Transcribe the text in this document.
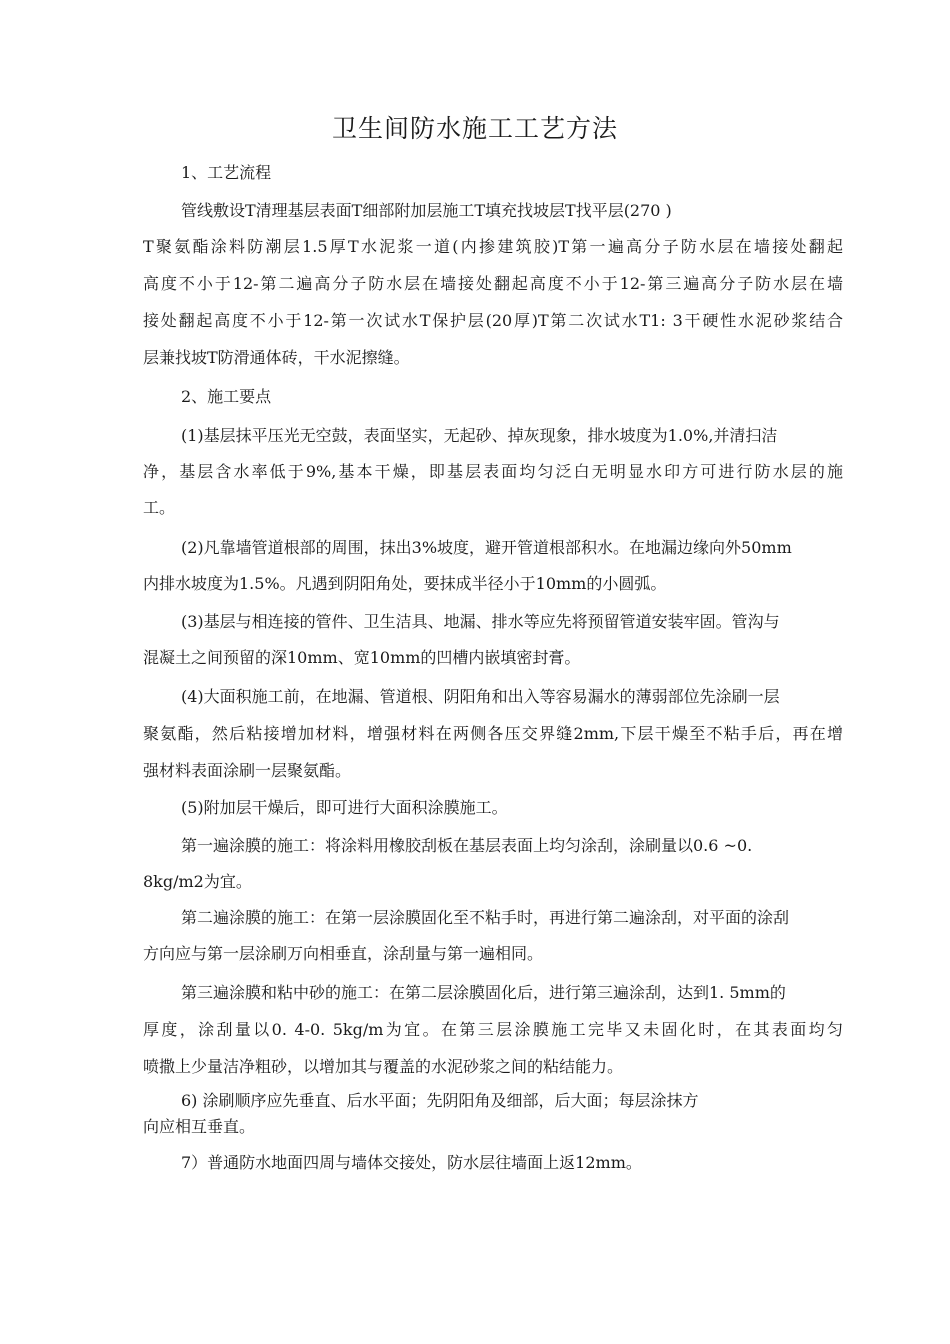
卫生间防水施工工艺方法
1、工艺流程
管线敷设T清理基层表面T细部附加层施工T填充找坡层T找平层(270 )
T聚氨酯涂料防潮层1.5厚T水泥浆一道(内掺建筑胶)T第一遍高分子防水层在墙接处翻起
高度不小于12-第二遍高分子防水层在墙接处翻起高度不小于12-第三遍高分子防水层在墙
接处翻起高度不小于12-第一次试水T保护层(20厚)T第二次试水T1: 3干硬性水泥砂浆结合
层兼找坡T防滑通体砖，干水泥擦缝。
2、施工要点
(1)基层抹平压光无空鼓，表面坚实，无起砂、掉灰现象，排水坡度为1.0%,并清扫洁
净，基层含水率低于9%,基本干燥，即基层表面均匀泛白无明显水印方可进行防水层的施
工。
(2)凡靠墙管道根部的周围，抹出3%坡度，避开管道根部积水。在地漏边缘向外50mm
内排水坡度为1.5%。凡遇到阴阳角处，要抹成半径小于10mm的小圆弧。
(3)基层与相连接的管件、卫生洁具、地漏、排水等应先将预留管道安装牢固。管沟与
混凝土之间预留的深10mm、宽10mm的凹槽内嵌填密封膏。
(4)大面积施工前，在地漏、管道根、阴阳角和出入等容易漏水的薄弱部位先涂刷一层
聚氨酯，然后粘接增加材料，增强材料在两侧各压交界缝2mm,下层干燥至不粘手后，再在增
强材料表面涂刷一层聚氨酯。
(5)附加层干燥后，即可进行大面积涂膜施工。
第一遍涂膜的施工：将涂料用橡胶刮板在基层表面上均匀涂刮，涂刷量以0.6 ~0.
8kg/m2为宜。
第二遍涂膜的施工：在第一层涂膜固化至不粘手时，再进行第二遍涂刮，对平面的涂刮
方向应与第一层涂刷万向相垂直，涂刮量与第一遍相同。
第三遍涂膜和粘中砂的施工：在第二层涂膜固化后，进行第三遍涂刮，达到1. 5mm的
厚度，涂刮量以0. 4-0. 5kg/m为宜。在第三层涂膜施工完毕又未固化时，在其表面均匀
喷撒上少量洁净粗砂，以增加其与覆盖的水泥砂浆之间的粘结能力。
6) 涂刷顺序应先垂直、后水平面；先阴阳角及细部，后大面；每层涂抹方
向应相互垂直。
7）普通防水地面四周与墙体交接处，防水层往墙面上返12mm。
